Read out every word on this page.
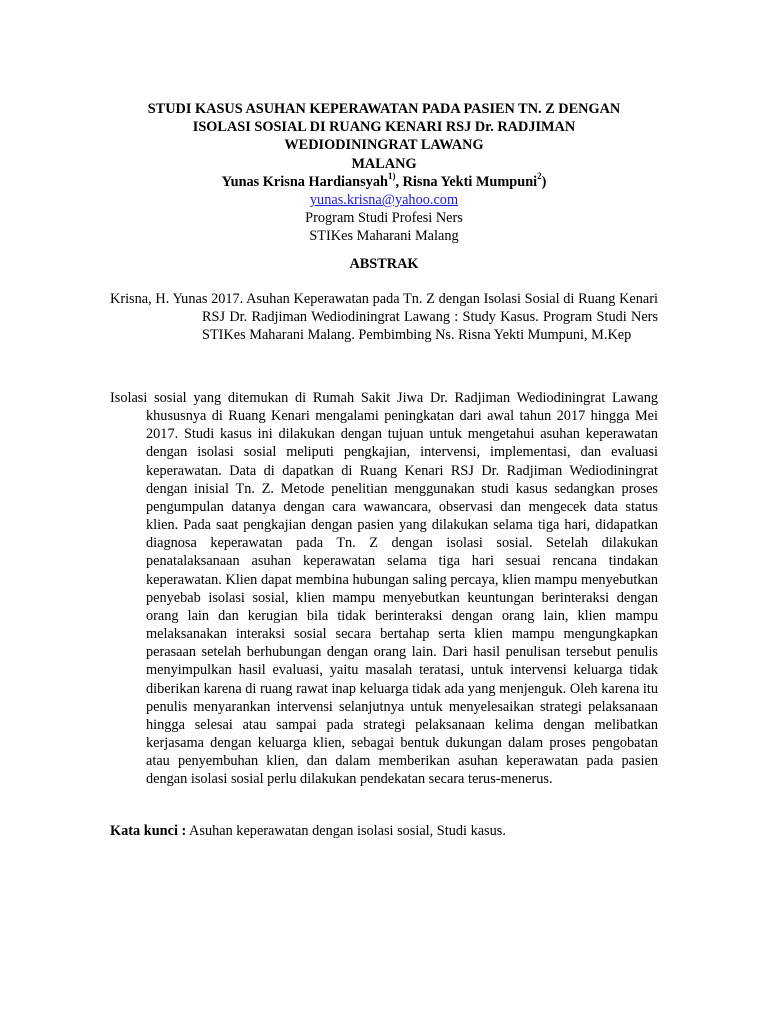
STUDI KASUS ASUHAN KEPERAWATAN PADA PASIEN TN. Z DENGAN
ISOLASI SOSIAL DI RUANG KENARI RSJ Dr. RADJIMAN
WEDIODININGRAT LAWANG
MALANG
Yunas Krisna Hardiansyah$^{1)}$, Risna Yekti Mumpuni$^2$)
yunas.krisna@yahoo.com
Program Studi Profesi Ners
STIKes Maharani Malang
ABSTRAK
Krisna, H. Yunas 2017. Asuhan Keperawatan pada Tn. Z dengan Isolasi Sosial di Ruang Kenari RSJ Dr. Radjiman Wediodiningrat Lawang : Study Kasus. Program Studi Ners STIKes Maharani Malang. Pembimbing Ns. Risna Yekti Mumpuni, M.Kep
Isolasi sosial yang ditemukan di Rumah Sakit Jiwa Dr. Radjiman Wediodiningrat Lawang khususnya di Ruang Kenari mengalami peningkatan dari awal tahun 2017 hingga Mei 2017. Studi kasus ini dilakukan dengan tujuan untuk mengetahui asuhan keperawatan dengan isolasi sosial meliputi pengkajian, intervensi, implementasi, dan evaluasi keperawatan. Data di dapatkan di Ruang Kenari RSJ Dr. Radjiman Wediodiningrat dengan inisial Tn. Z. Metode penelitian menggunakan studi kasus sedangkan proses pengumpulan datanya dengan cara wawancara, observasi dan mengecek data status klien. Pada saat pengkajian dengan pasien yang dilakukan selama tiga hari, didapatkan diagnosa keperawatan pada Tn. Z dengan isolasi sosial. Setelah dilakukan penatalaksanaan asuhan keperawatan selama tiga hari sesuai rencana tindakan keperawatan. Klien dapat membina hubungan saling percaya, klien mampu menyebutkan penyebab isolasi sosial, klien mampu menyebutkan keuntungan berinteraksi dengan orang lain dan kerugian bila tidak berinteraksi dengan orang lain, klien mampu melaksanakan interaksi sosial secara bertahap serta klien mampu mengungkapkan perasaan setelah berhubungan dengan orang lain. Dari hasil penulisan tersebut penulis menyimpulkan hasil evaluasi, yaitu masalah teratasi, untuk intervensi keluarga tidak diberikan karena di ruang rawat inap keluarga tidak ada yang menjenguk. Oleh karena itu penulis menyarankan intervensi selanjutnya untuk menyelesaikan strategi pelaksanaan hingga selesai atau sampai pada strategi pelaksanaan kelima dengan melibatkan kerjasama dengan keluarga klien, sebagai bentuk dukungan dalam proses pengobatan atau penyembuhan klien, dan dalam memberikan asuhan keperawatan pada pasien dengan isolasi sosial perlu dilakukan pendekatan secara terus-menerus.
Kata kunci : Asuhan keperawatan dengan isolasi sosial, Studi kasus.
